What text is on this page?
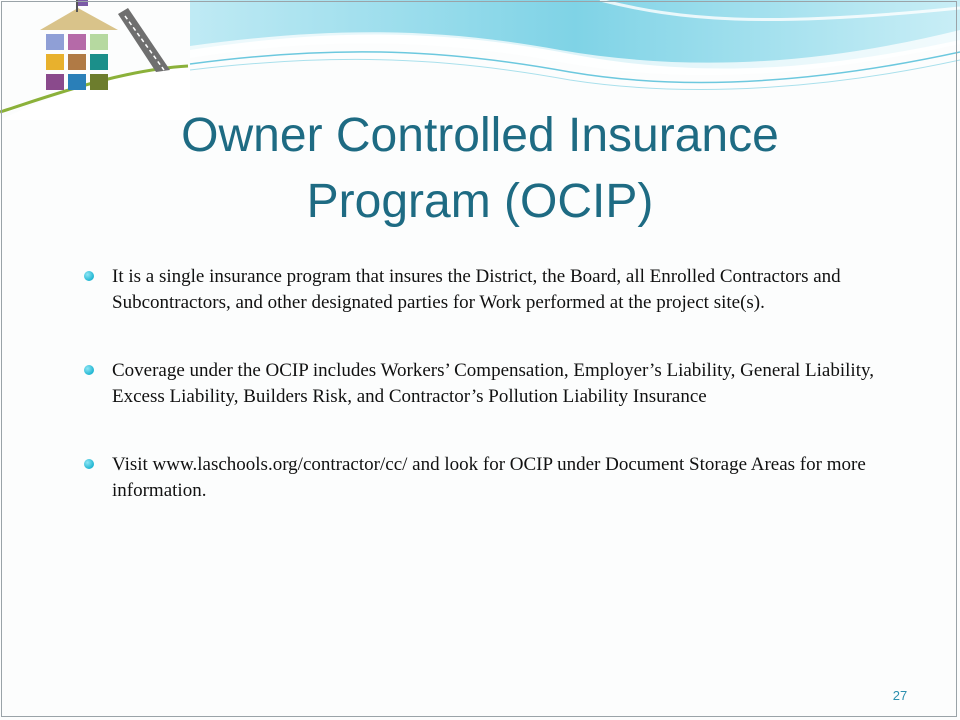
Owner Controlled Insurance
Program (OCIP)
It is a single insurance program that insures the District, the Board, all Enrolled Contractors and Subcontractors, and other designated parties for Work performed at the project site(s).
Coverage under the OCIP includes Workers’ Compensation, Employer’s Liability, General Liability, Excess Liability, Builders Risk, and Contractor’s Pollution Liability Insurance
Visit www.laschools.org/contractor/cc/ and look for OCIP under Document Storage Areas for more information.
27
